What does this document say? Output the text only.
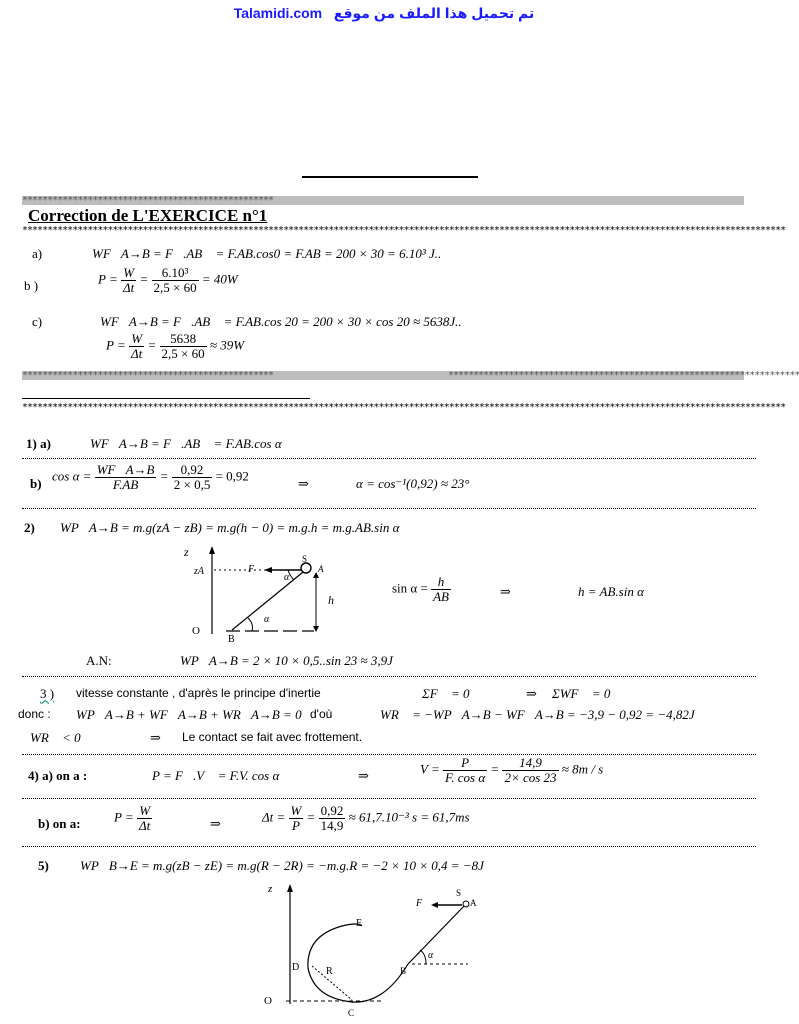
Talamidi.com تم تحميل هذا الملف من موقع
**************************************************
Correction de L'EXERCICE n°1
********************************************************************************************************************************************************
a)	WF⃗A→B = F⃗.AB⃗ = F.AB.cos0 = F.AB = 200 × 30 = 6.10³ J..
b )	$P = \frac{W}{\Delta t} = \frac{\text{6.10³}}{2,5 \times 60} = 40W$
c)	WF⃗A→B = F⃗.AB⃗ = F.AB.cos 20 = 200 × 30 × cos 20 ≈ 5638J..
$P = \frac{W}{\Delta t} = \frac{5638}{2,5 \times 60} \approx 39W$
**************************************************	**********************************************************************
********************************************************************************************************************************************************
1) a)	WF⃗A→B = F⃗.AB⃗ = F.AB.cos α
b)
$\cos \alpha = \frac{WF⃗A\to B}{F.AB} = \frac{0,92}{2 \times 0,5} = 0,92$
⇒	α = cos⁻¹(0,92) ≈ 23°
2) WP⃗A→B = m.g(zA − zB) = m.g(h − 0) = m.g.h = m.g.AB.sin α
z
zA	F⃗
S
A
α
h
α
O
B
$\sin \alpha = \frac{h}{AB}$	⇒	h = AB.sin α
A.N:	WP⃗A→B = 2 × 10 × 0,5..sin 23 ≈ 3,9J
3 ) vitesse constante , d'après le principe d'inertie	ΣF⃗ = 0⃗	⇒ ΣWF⃗ = 0
donc : WP⃗A→B + WF⃗A→B + WR⃗A→B = 0 d'où	WR⃗ = −WP⃗A→B − WF⃗A→B = −3,9 − 0,92 = −4,82J
WR⃗ < 0	⇒ Le contact se fait avec frottement.
4) a) on a :	P = F⃗.V⃗ = F.V. cos α	⇒	$V = \frac{P}{\text{F. cos α}} = \frac{14,9}{2\times \cos 23} \approx 8m / s$
b) on a:	$P = \frac{W}{\Delta t}$	⇒	$\Delta t = \frac{W}{P} = \frac{0,92}{14,9} \approx 61,7.10^{-3}$ s = 61,7ms
5) WP⃗B→E = m.g(zB − zE) = m.g(R − 2R) = −m.g.R = −2 × 10 × 0,4 = −8J
z
O
α
F⃗
S
A
E
D	R	B
C
